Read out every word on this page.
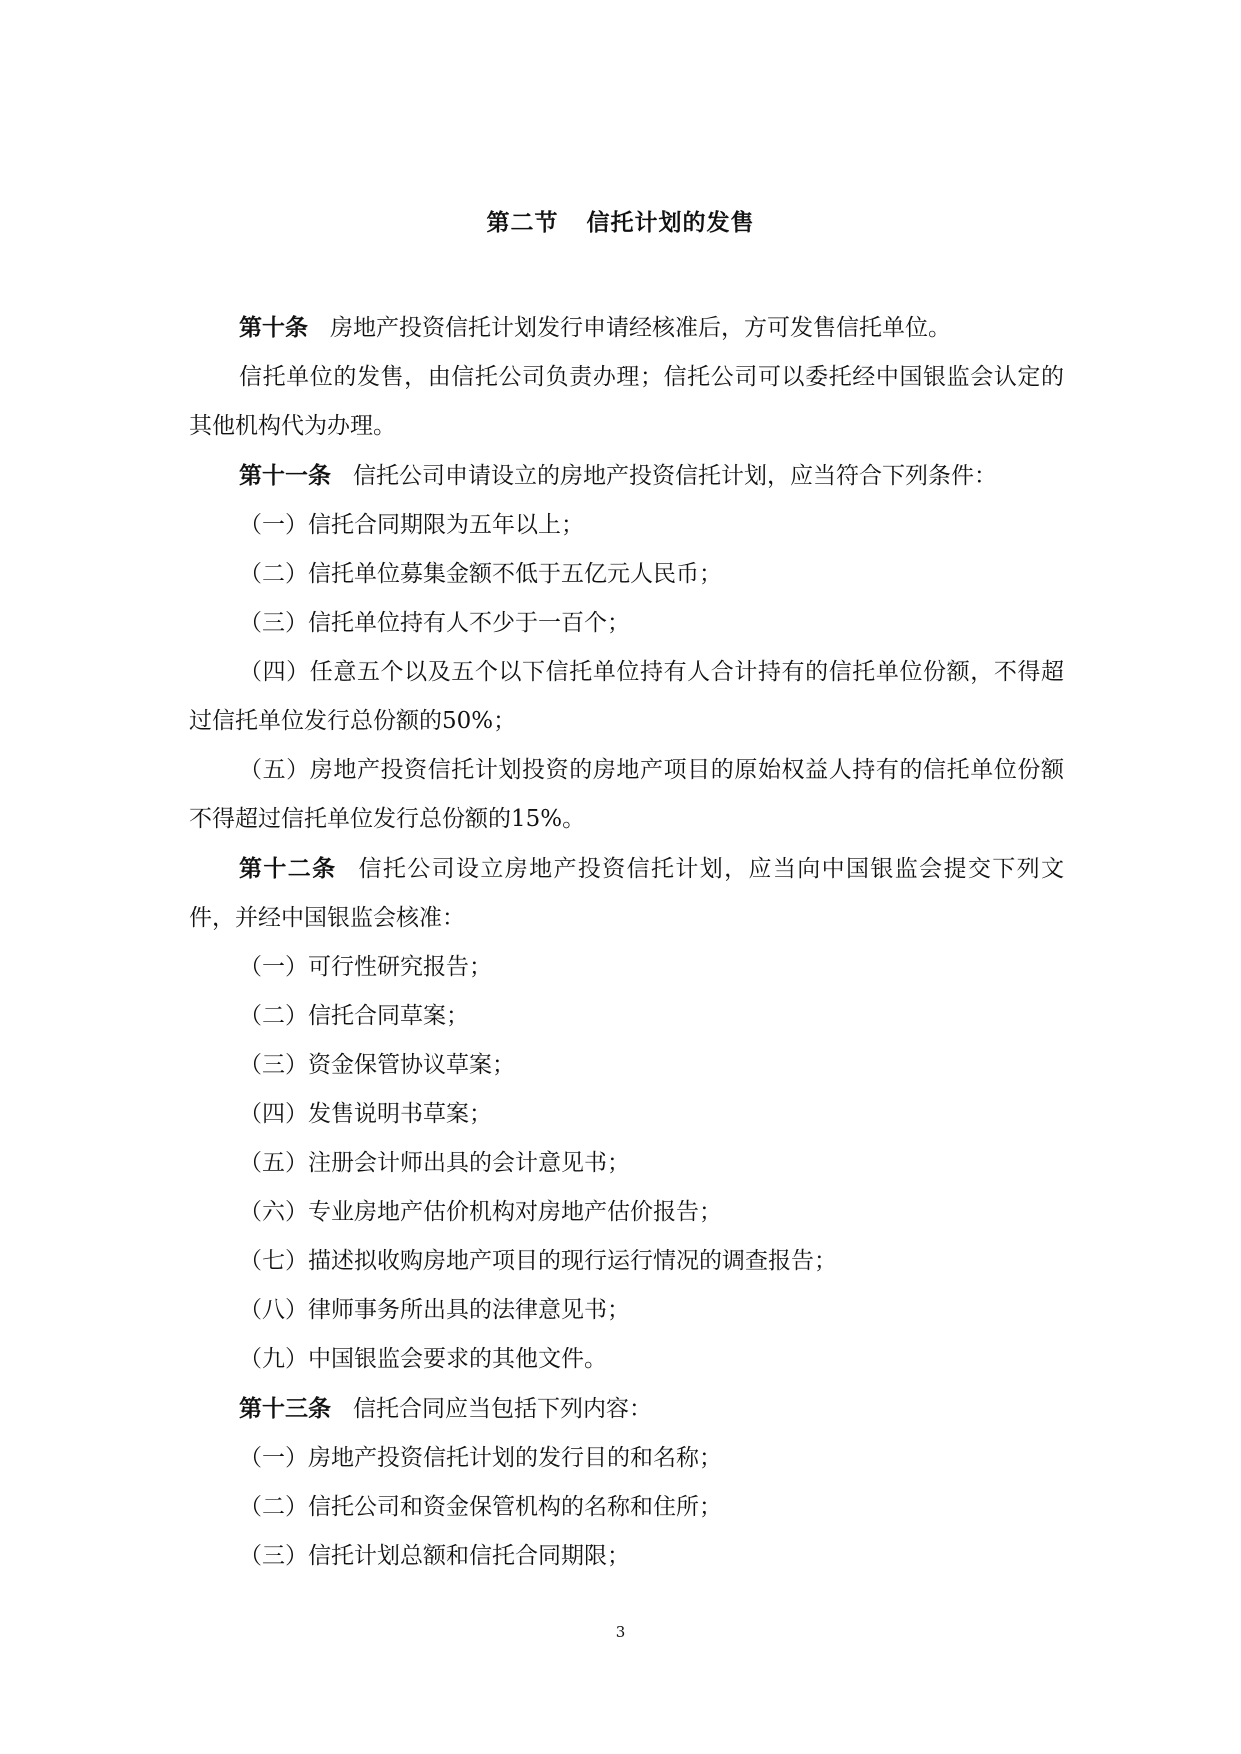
第二节 信托计划的发售

第十条 房地产投资信托计划发行申请经核准后，方可发售信托单位。

信托单位的发售，由信托公司负责办理；信托公司可以委托经中国银监会认定的其他机构代为办理。

第十一条 信托公司申请设立的房地产投资信托计划，应当符合下列条件：

（一）信托合同期限为五年以上；

（二）信托单位募集金额不低于五亿元人民币；

（三）信托单位持有人不少于一百个；

（四）任意五个以及五个以下信托单位持有人合计持有的信托单位份额，不得超过信托单位发行总份额的50%；

（五）房地产投资信托计划投资的房地产项目的原始权益人持有的信托单位份额不得超过信托单位发行总份额的15%。

第十二条 信托公司设立房地产投资信托计划，应当向中国银监会提交下列文件，并经中国银监会核准：

（一）可行性研究报告；

（二）信托合同草案；

（三）资金保管协议草案；

（四）发售说明书草案；

（五）注册会计师出具的会计意见书；

（六）专业房地产估价机构对房地产估价报告；

（七）描述拟收购房地产项目的现行运行情况的调查报告；

（八）律师事务所出具的法律意见书；

（九）中国银监会要求的其他文件。

第十三条 信托合同应当包括下列内容：

（一）房地产投资信托计划的发行目的和名称；

（二）信托公司和资金保管机构的名称和住所；

（三）信托计划总额和信托合同期限；

3
